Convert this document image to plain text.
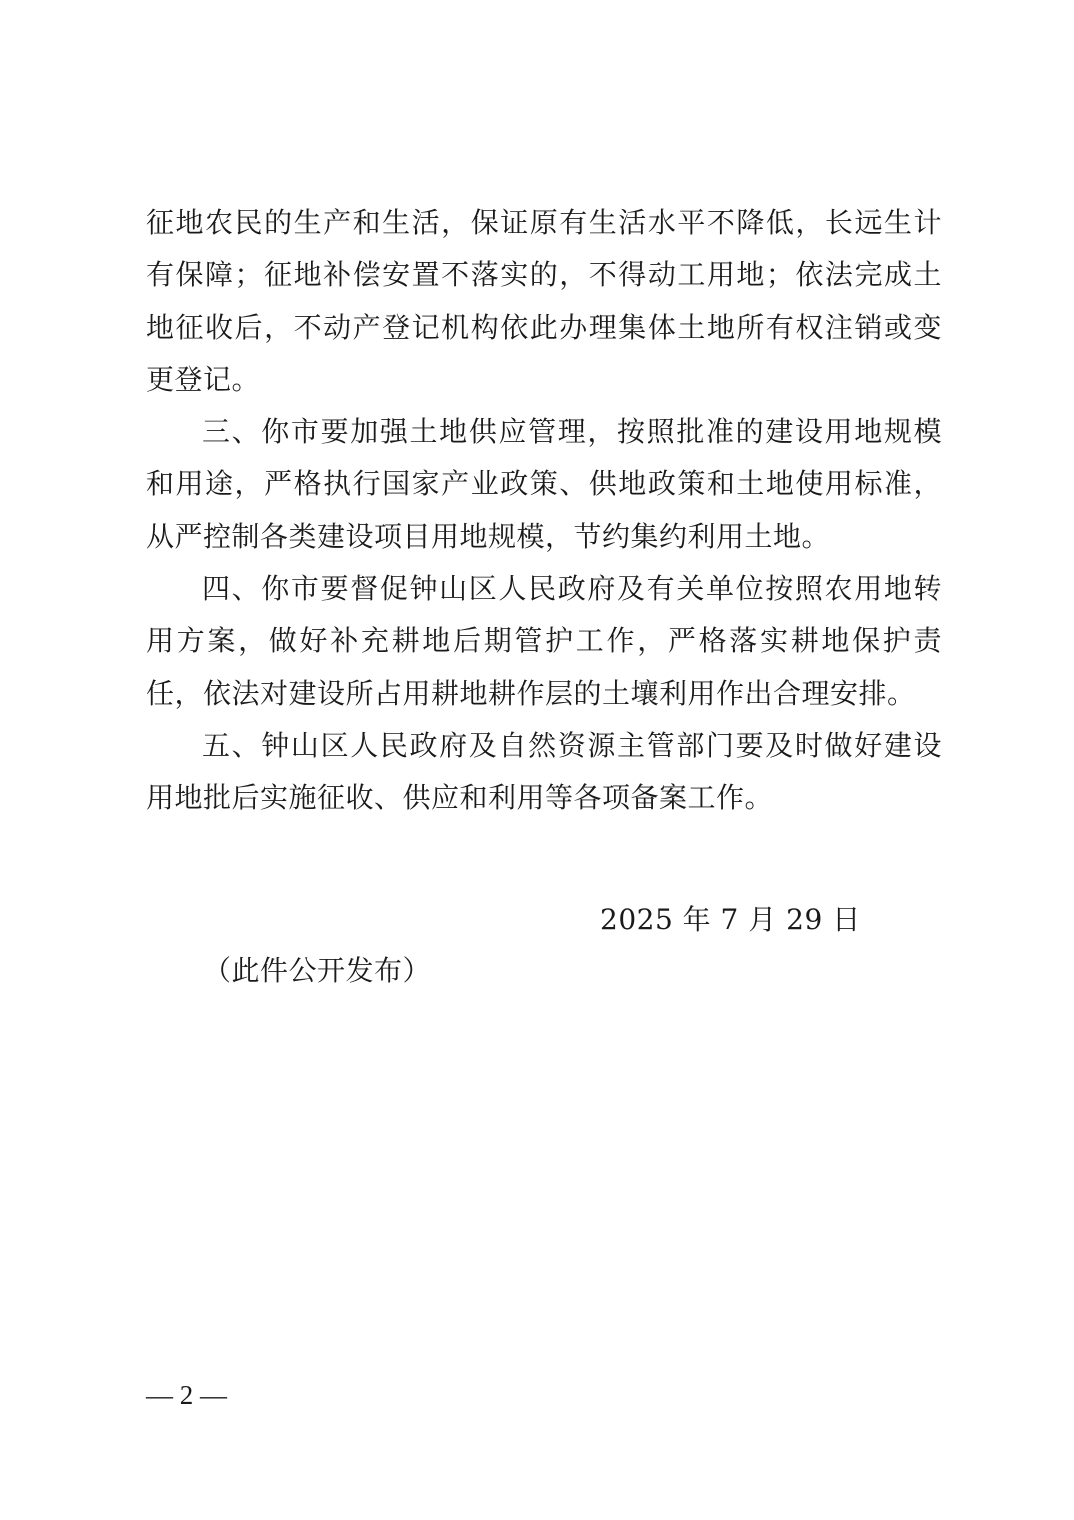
征地农民的生产和生活，保证原有生活水平不降低，长远生计有保障；征地补偿安置不落实的，不得动工用地；依法完成土地征收后，不动产登记机构依此办理集体土地所有权注销或变更登记。

三、你市要加强土地供应管理，按照批准的建设用地规模和用途，严格执行国家产业政策、供地政策和土地使用标准，从严控制各类建设项目用地规模，节约集约利用土地。

四、你市要督促钟山区人民政府及有关单位按照农用地转用方案，做好补充耕地后期管护工作，严格落实耕地保护责任，依法对建设所占用耕地耕作层的土壤利用作出合理安排。

五、钟山区人民政府及自然资源主管部门要及时做好建设用地批后实施征收、供应和利用等各项备案工作。

2025 年 7 月 29 日
（此件公开发布）
— 2 —
